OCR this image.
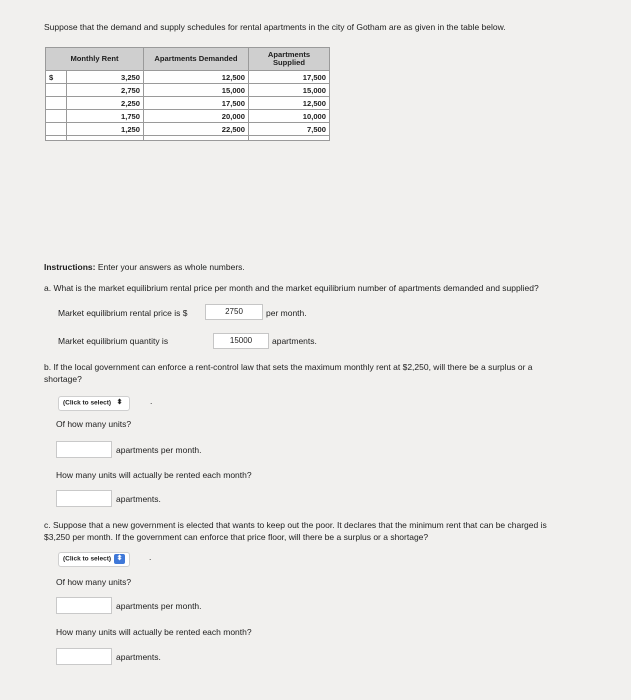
Suppose that the demand and supply schedules for rental apartments in the city of Gotham are as given in the table below.
Monthly Rent		Apartments Demanded	Apartments Supplied
$	3,250	12,500	17,500
	2,750	15,000	15,000
	2,250	17,500	12,500
	1,750	20,000	10,000
	1,250	22,500	7,500

Instructions: Enter your answers as whole numbers.
a. What is the market equilibrium rental price per month and the market equilibrium number of apartments demanded and supplied?
Market equilibrium rental price is $	2750	per month.
Market equilibrium quantity is	15000	apartments.
b. If the local government can enforce a rent-control law that sets the maximum monthly rent at $2,250, will there be a surplus or a
shortage?
(Click to select) ⬍	.
Of how many units?
apartments per month.
How many units will actually be rented each month?
apartments.
c. Suppose that a new government is elected that wants to keep out the poor. It declares that the minimum rent that can be charged is
$3,250 per month. If the government can enforce that price floor, will there be a surplus or a shortage?
(Click to select) ⬍	.
Of how many units?
apartments per month.
How many units will actually be rented each month?
apartments.
